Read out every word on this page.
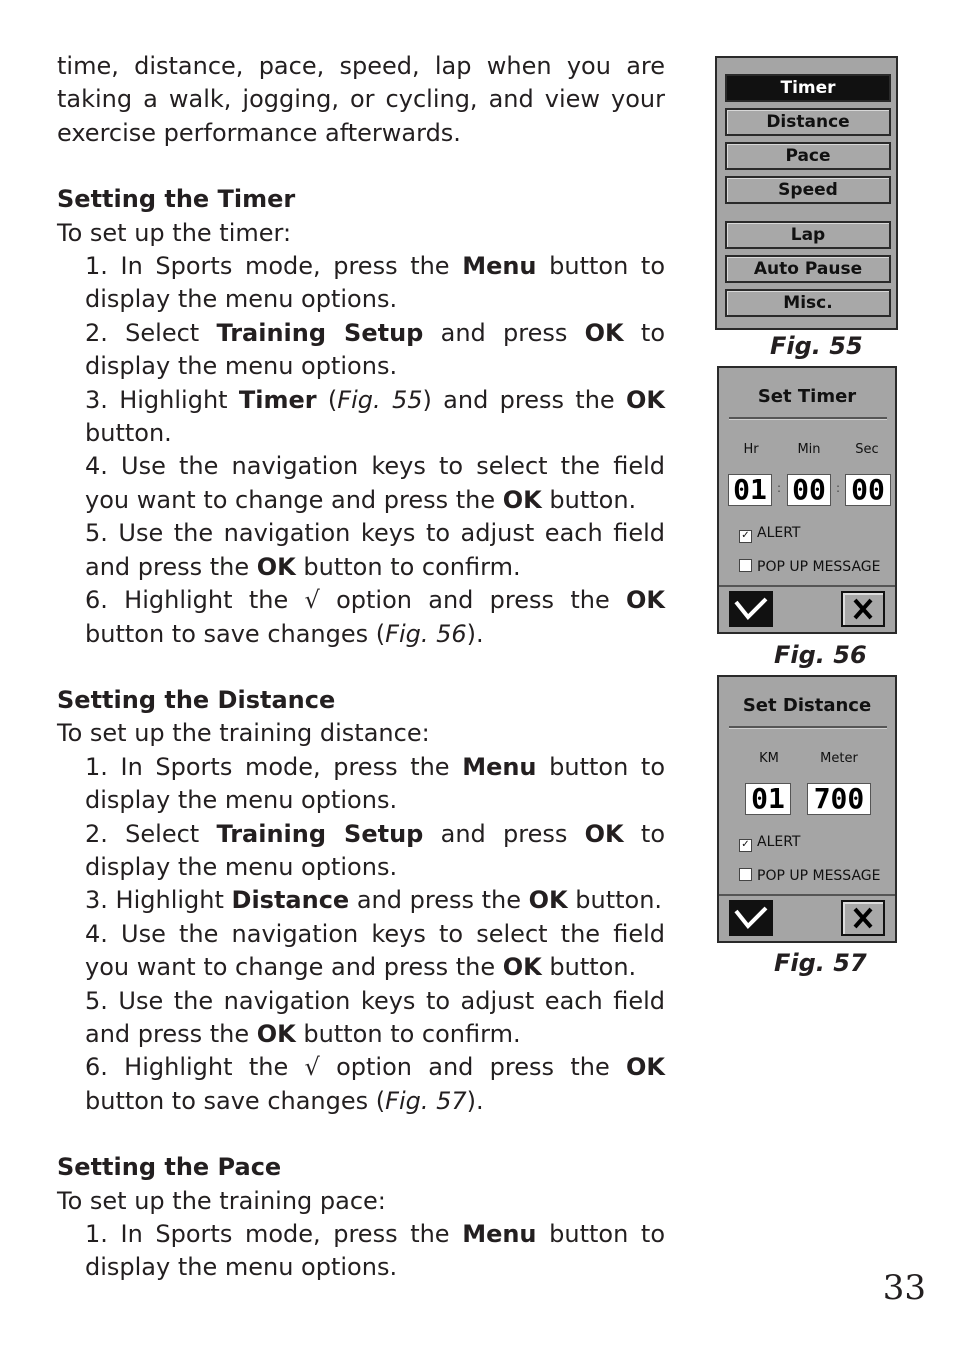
time, distance, pace, speed, lap when you are taking a walk, jogging, or cycling, and view your exercise performance afterwards.

Setting the Timer

To set up the timer:

1. In Sports mode, press the Menu button to display the menu options.

2. Select Training Setup and press OK to display the menu options.

3. Highlight Timer (Fig. 55) and press the OK button.

4. Use the navigation keys to select the field you want to change and press the OK button.

5. Use the navigation keys to adjust each field and press the OK button to confirm.

6. Highlight the √ option and press the OK button to save changes (Fig. 56).

Setting the Distance

To set up the training distance:

1. In Sports mode, press the Menu button to display the menu options.

2. Select Training Setup and press OK to display the menu options.

3. Highlight Distance and press the OK button.

4. Use the navigation keys to select the field you want to change and press the OK button.

5. Use the navigation keys to adjust each field and press the OK button to confirm.

6. Highlight the √ option and press the OK button to save changes (Fig. 57).

Setting the Pace

To set up the training pace:

1. In Sports mode, press the Menu button to display the menu options.

Timer
Distance
Pace
Speed
Lap
Auto Pause
Misc.
Fig. 55
Set Timer
Hr	Min	Sec
01 : 00 : 00
✓ ALERT
POP UP MESSAGE
Fig. 56
Set Distance
KM	Meter
01 700
✓ ALERT
POP UP MESSAGE
Fig. 57
33
